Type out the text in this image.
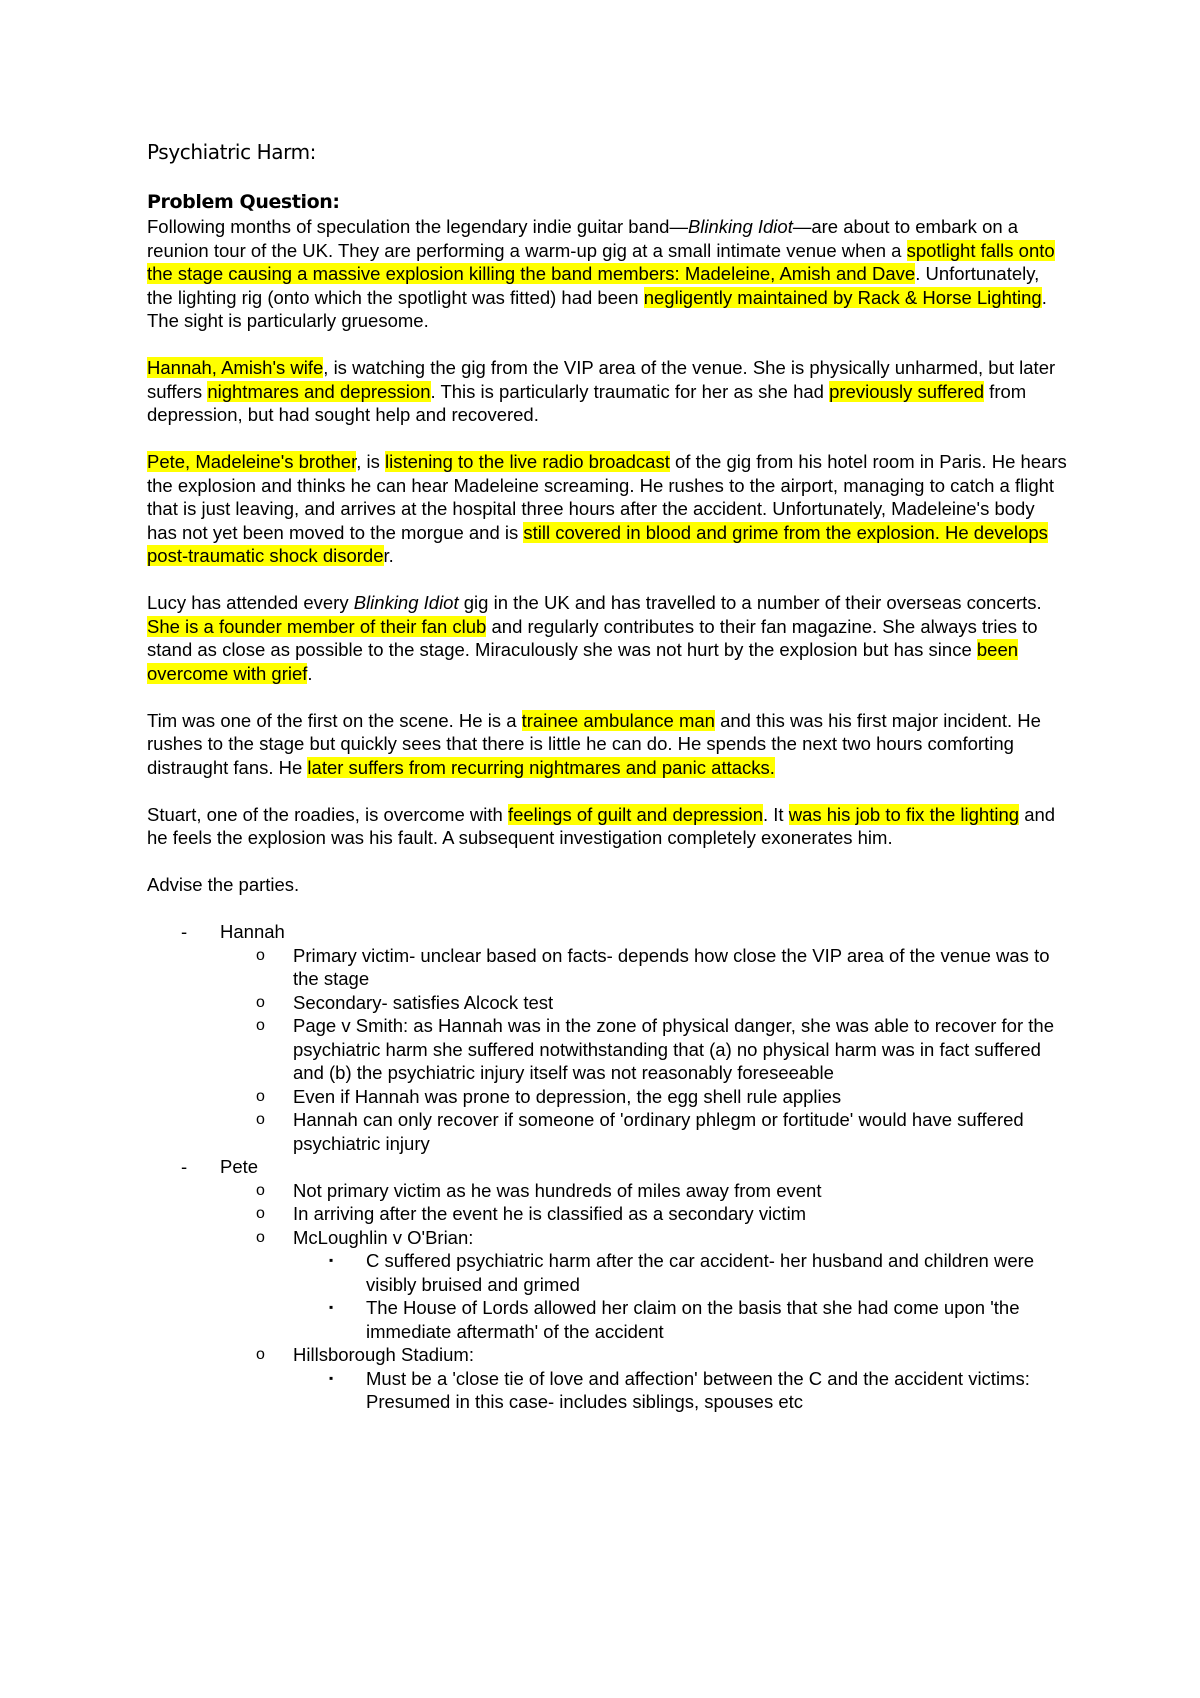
Psychiatric Harm:
Problem Question:

Following months of speculation the legendary indie guitar band—Blinking Idiot—are about to embark on a reunion tour of the UK. They are performing a warm-up gig at a small intimate venue when a spotlight falls onto the stage causing a massive explosion killing the band members: Madeleine, Amish and Dave. Unfortunately, the lighting rig (onto which the spotlight was fitted) had been negligently maintained by Rack & Horse Lighting. The sight is particularly gruesome.

Hannah, Amish's wife, is watching the gig from the VIP area of the venue. She is physically unharmed, but later suffers nightmares and depression. This is particularly traumatic for her as she had previously suffered from depression, but had sought help and recovered.

Pete, Madeleine's brother, is listening to the live radio broadcast of the gig from his hotel room in Paris. He hears the explosion and thinks he can hear Madeleine screaming. He rushes to the airport, managing to catch a flight that is just leaving, and arrives at the hospital three hours after the accident. Unfortunately, Madeleine's body has not yet been moved to the morgue and is still covered in blood and grime from the explosion. He develops post-traumatic shock disorder.

Lucy has attended every Blinking Idiot gig in the UK and has travelled to a number of their overseas concerts. She is a founder member of their fan club and regularly contributes to their fan magazine. She always tries to stand as close as possible to the stage. Miraculously she was not hurt by the explosion but has since been overcome with grief.

Tim was one of the first on the scene. He is a trainee ambulance man and this was his first major incident. He rushes to the stage but quickly sees that there is little he can do. He spends the next two hours comforting distraught fans. He later suffers from recurring nightmares and panic attacks.

Stuart, one of the roadies, is overcome with feelings of guilt and depression. It was his job to fix the lighting and he feels the explosion was his fault. A subsequent investigation completely exonerates him.

Advise the parties.

- Hannah
o Primary victim- unclear based on facts- depends how close the VIP area of the venue was to the stage
o Secondary- satisfies Alcock test
o Page v Smith: as Hannah was in the zone of physical danger, she was able to recover for the psychiatric harm she suffered notwithstanding that (a) no physical harm was in fact suffered and (b) the psychiatric injury itself was not reasonably foreseeable
o Even if Hannah was prone to depression, the egg shell rule applies
o Hannah can only recover if someone of 'ordinary phlegm or fortitude' would have suffered psychiatric injury
- Pete
o Not primary victim as he was hundreds of miles away from event
o In arriving after the event he is classified as a secondary victim
o McLoughlin v O'Brian:
▪ C suffered psychiatric harm after the car accident- her husband and children were visibly bruised and grimed
▪ The House of Lords allowed her claim on the basis that she had come upon 'the immediate aftermath' of the accident
o Hillsborough Stadium:
▪ Must be a 'close tie of love and affection' between the C and the accident victims: Presumed in this case- includes siblings, spouses etc
